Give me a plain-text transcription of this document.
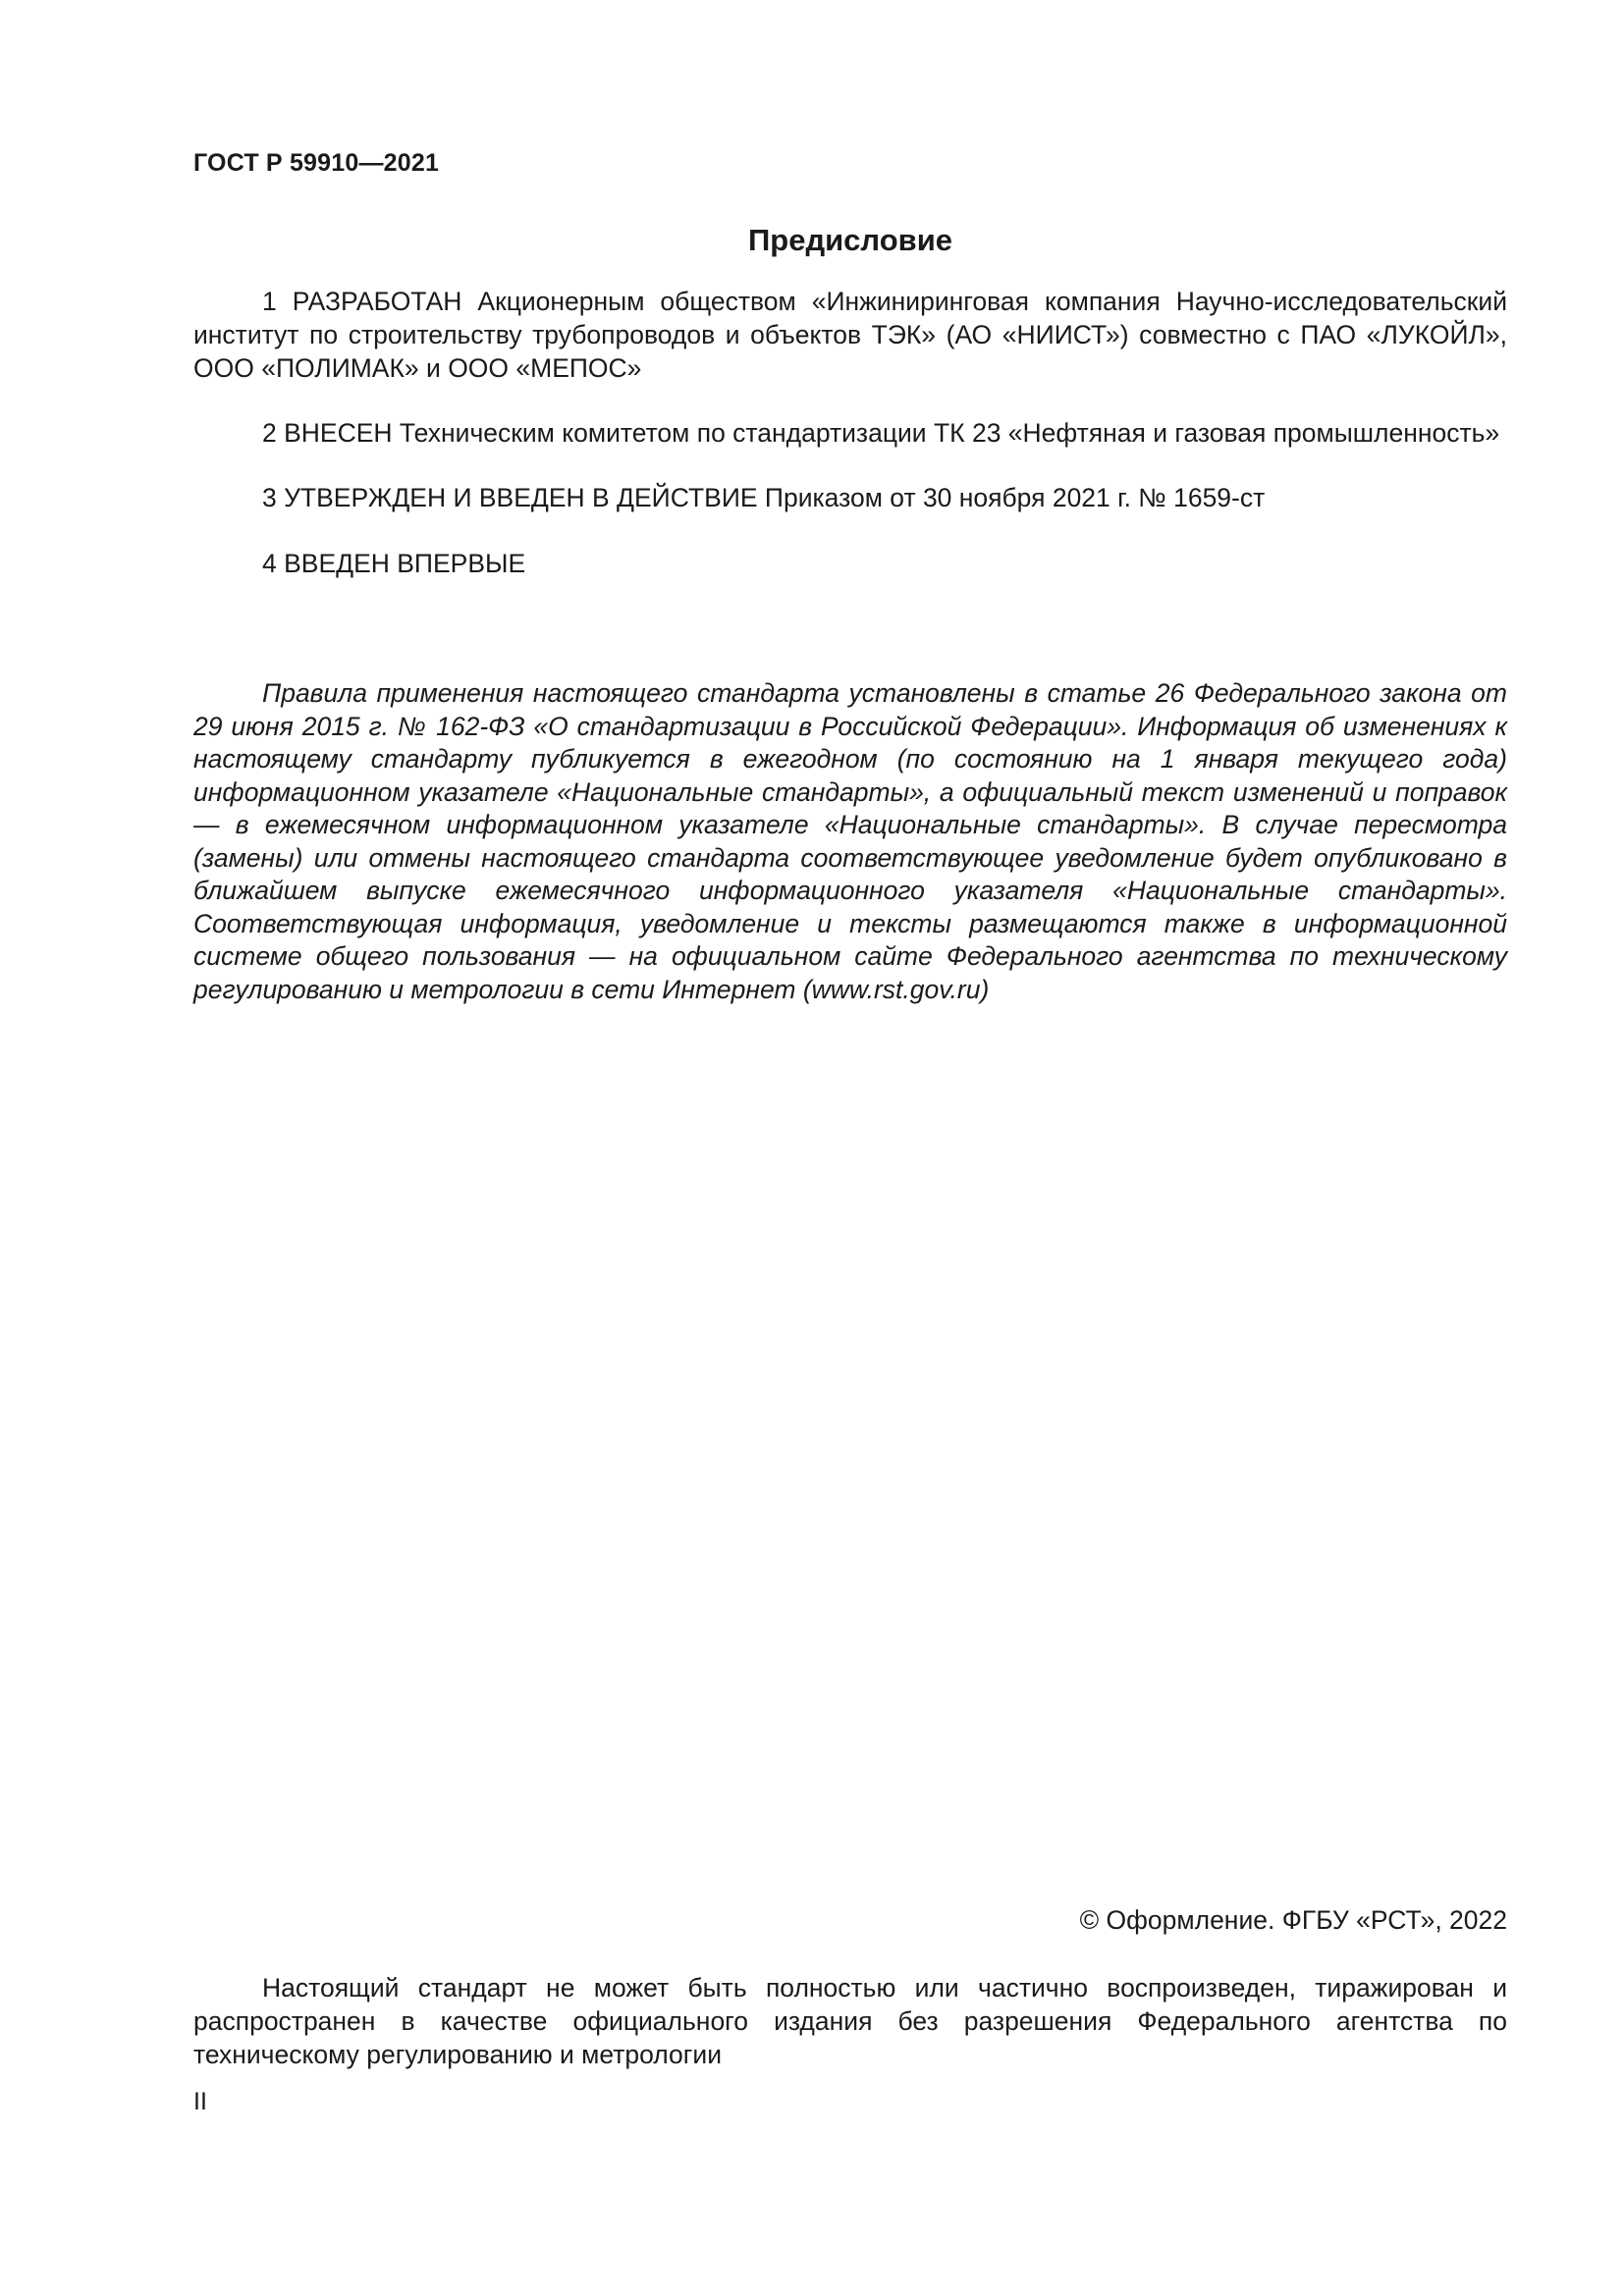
ГОСТ Р 59910—2021
Предисловие

1 РАЗРАБОТАН Акционерным обществом «Инжиниринговая компания Научно-исследовательский институт по строительству трубопроводов и объектов ТЭК» (АО «НИИСТ») совместно с ПАО «ЛУКОЙЛ», ООО «ПОЛИМАК» и ООО «МЕПОС»

2 ВНЕСЕН Техническим комитетом по стандартизации ТК 23 «Нефтяная и газовая промышленность»

3 УТВЕРЖДЕН И ВВЕДЕН В ДЕЙСТВИЕ Приказом от 30 ноября 2021 г. № 1659-ст

4 ВВЕДЕН ВПЕРВЫЕ

Правила применения настоящего стандарта установлены в статье 26 Федерального закона от 29 июня 2015 г. № 162-ФЗ «О стандартизации в Российской Федерации». Информация об изменениях к настоящему стандарту публикуется в ежегодном (по состоянию на 1 января текущего года) информационном указателе «Национальные стандарты», а официальный текст изменений и поправок — в ежемесячном информационном указателе «Национальные стандарты». В случае пересмотра (замены) или отмены настоящего стандарта соответствующее уведомление будет опубликовано в ближайшем выпуске ежемесячного информационного указателя «Национальные стандарты». Соответствующая информация, уведомление и тексты размещаются также в информационной системе общего пользования — на официальном сайте Федерального агентства по техническому регулированию и метрологии в сети Интернет (www.rst.gov.ru)

© Оформление. ФГБУ «РСТ», 2022

Настоящий стандарт не может быть полностью или частично воспроизведен, тиражирован и распространен в качестве официального издания без разрешения Федерального агентства по техническому регулированию и метрологии

II
